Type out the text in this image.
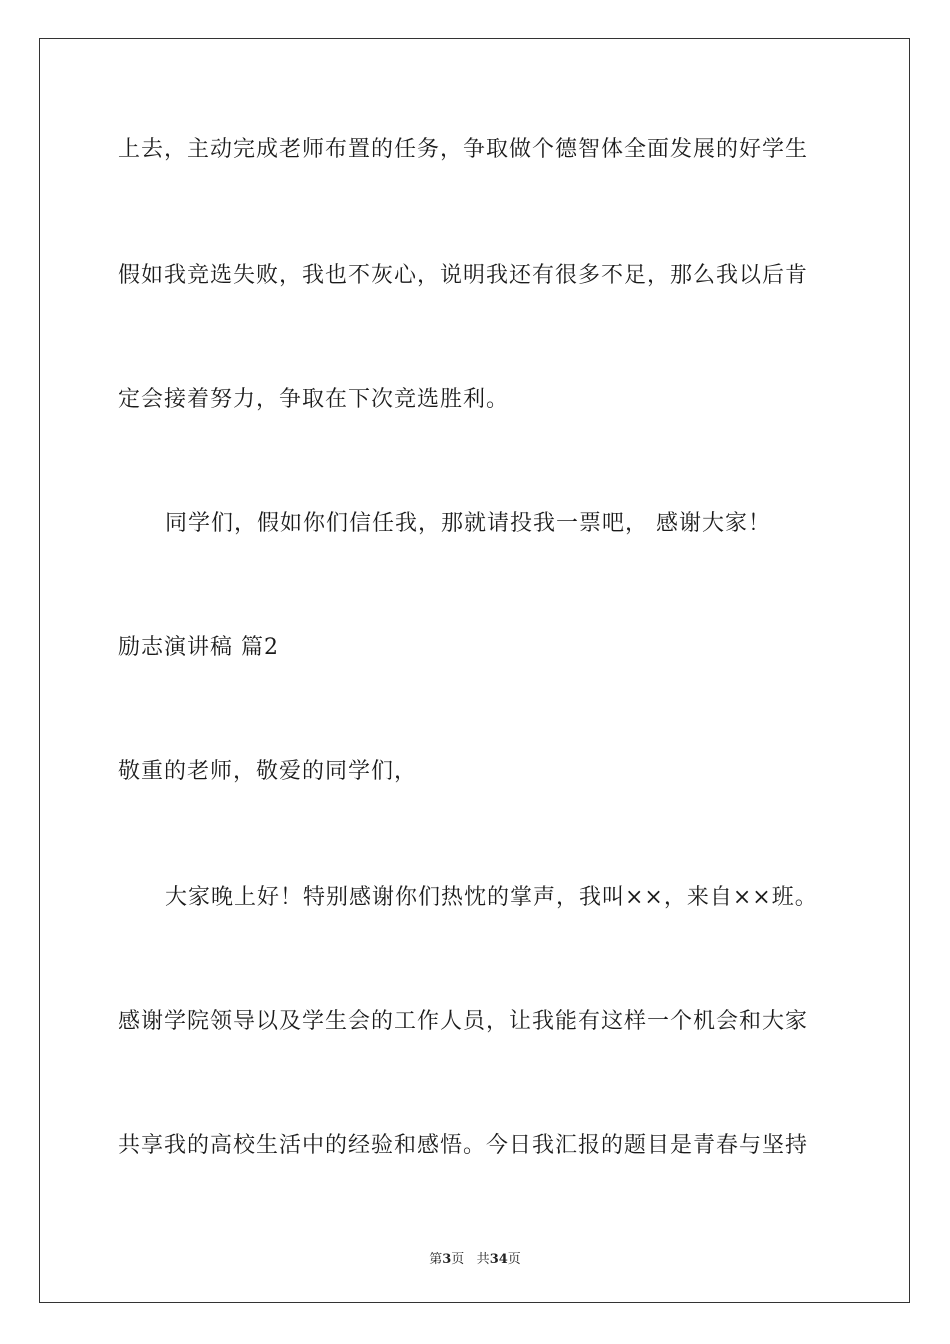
上去，主动完成老师布置的任务，争取做个德智体全面发展的好学生
假如我竞选失败，我也不灰心，说明我还有很多不足，那么我以后肯
定会接着努力，争取在下次竞选胜利。
同学们，假如你们信任我，那就请投我一票吧， 感谢大家！
励志演讲稿 篇2
敬重的老师，敬爱的同学们，
大家晚上好！特别感谢你们热忱的掌声，我叫××，来自××班。
感谢学院领导以及学生会的工作人员，让我能有这样一个机会和大家
共享我的高校生活中的经验和感悟。今日我汇报的题目是青春与坚持
第3页 共34页
